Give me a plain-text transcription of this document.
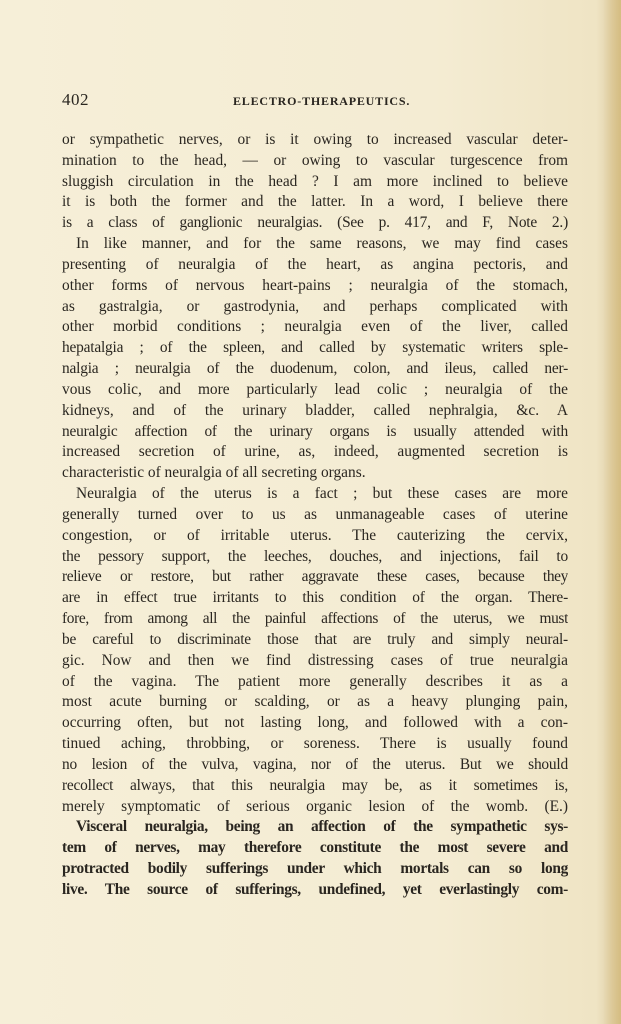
402	ELECTRO-THERAPEUTICS.
or sympathetic nerves, or is it owing to increased vascular deter-
mination to the head, — or owing to vascular turgescence from
sluggish circulation in the head ? I am more inclined to believe
it is both the former and the latter. In a word, I believe there
is a class of ganglionic neuralgias. (See p. 417, and F, Note 2.)
In like manner, and for the same reasons, we may find cases
presenting of neuralgia of the heart, as angina pectoris, and
other forms of nervous heart-pains ; neuralgia of the stomach,
as gastralgia, or gastrodynia, and perhaps complicated with
other morbid conditions ; neuralgia even of the liver, called
hepatalgia ; of the spleen, and called by systematic writers sple-
nalgia ; neuralgia of the duodenum, colon, and ileus, called ner-
vous colic, and more particularly lead colic ; neuralgia of the
kidneys, and of the urinary bladder, called nephralgia, &c. A
neuralgic affection of the urinary organs is usually attended with
increased secretion of urine, as, indeed, augmented secretion is
characteristic of neuralgia of all secreting organs.
Neuralgia of the uterus is a fact ; but these cases are more
generally turned over to us as unmanageable cases of uterine
congestion, or of irritable uterus. The cauterizing the cervix,
the pessory support, the leeches, douches, and injections, fail to
relieve or restore, but rather aggravate these cases, because they
are in effect true irritants to this condition of the organ. There-
fore, from among all the painful affections of the uterus, we must
be careful to discriminate those that are truly and simply neural-
gic. Now and then we find distressing cases of true neuralgia
of the vagina. The patient more generally describes it as a
most acute burning or scalding, or as a heavy plunging pain,
occurring often, but not lasting long, and followed with a con-
tinued aching, throbbing, or soreness. There is usually found
no lesion of the vulva, vagina, nor of the uterus. But we should
recollect always, that this neuralgia may be, as it sometimes is,
merely symptomatic of serious organic lesion of the womb. (E.)
Visceral neuralgia, being an affection of the sympathetic sys-
tem of nerves, may therefore constitute the most severe and
protracted bodily sufferings under which mortals can so long
live. The source of sufferings, undefined, yet everlastingly com-
